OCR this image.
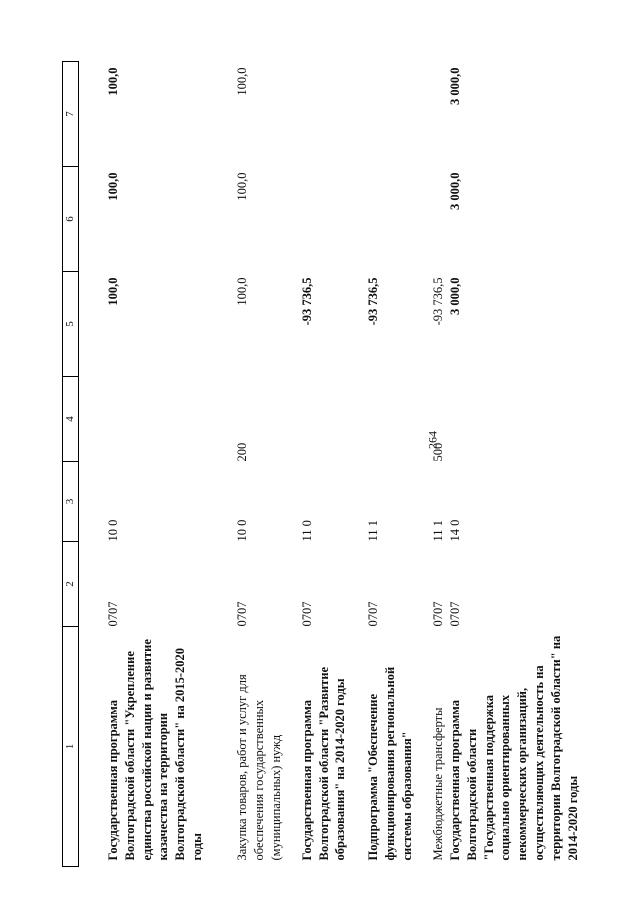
264
1	2	3	4	5	6	7
Государственная программа Волгоградской области "Укрепление единства российской нации и развитие казачества на территории Волгоградской области" на 2015-2020 годы	0707	10 0		100,0	100,0	100,0
Закупка товаров, работ и услуг для обеспечения государственных (муниципальных) нужд	0707	10 0	200	100,0	100,0	100,0
Государственная программа Волгоградской области "Развитие образования" на 2014-2020 годы	0707	11 0		-93 736,5		
Подпрограмма "Обеспечение функционирования региональной системы образования"	0707	11 1		-93 736,5		
Межбюджетные трансферты	0707	11 1	500	-93 736,5		
Государственная программа Волгоградской области "Государственная поддержка социально ориентированных некоммерческих организаций, осуществляющих деятельность на территории Волгоградской области" на 2014-2020 годы	0707	14 0		3 000,0	3 000,0	3 000,0
